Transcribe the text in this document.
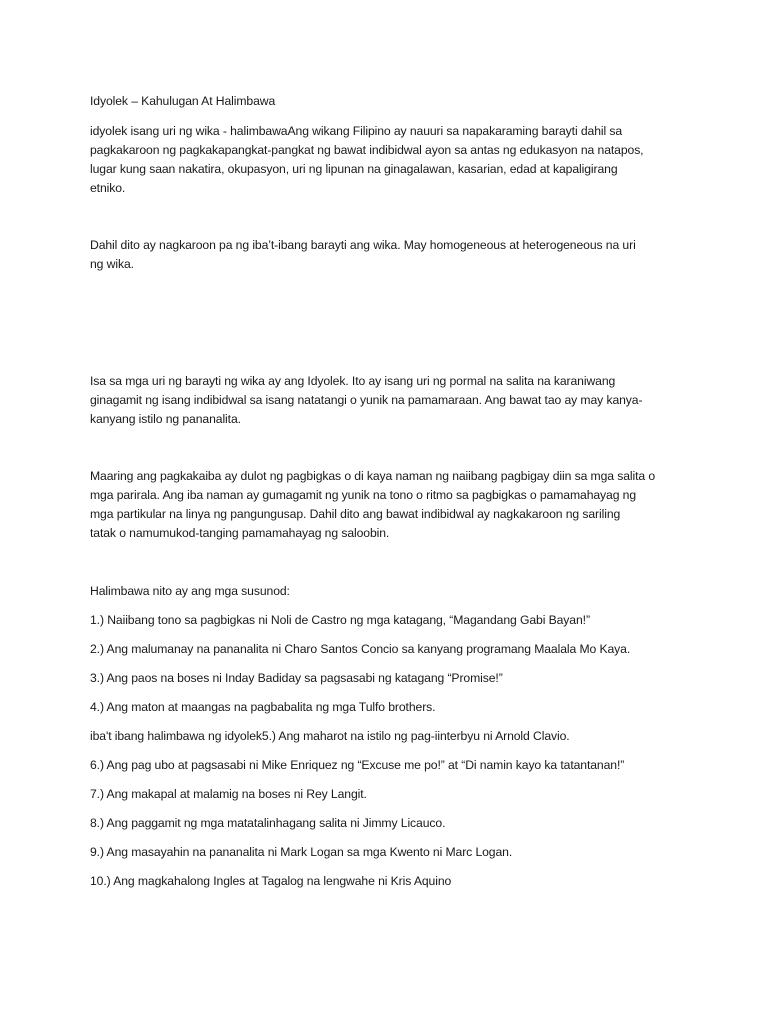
Idyolek – Kahulugan At Halimbawa
idyolek isang uri ng wika - halimbawaAng wikang Filipino ay nauuri sa napakaraming barayti dahil sa
pagkakaroon ng pagkakapangkat-pangkat ng bawat indibidwal ayon sa antas ng edukasyon na natapos,
lugar kung saan nakatira, okupasyon, uri ng lipunan na ginagalawan, kasarian, edad at kapaligirang
etniko.
Dahil dito ay nagkaroon pa ng iba’t-ibang barayti ang wika. May homogeneous at heterogeneous na uri
ng wika.
Isa sa mga uri ng barayti ng wika ay ang Idyolek. Ito ay isang uri ng pormal na salita na karaniwang
ginagamit ng isang indibidwal sa isang natatangi o yunik na pamamaraan. Ang bawat tao ay may kanya-
kanyang istilo ng pananalita.
Maaring ang pagkakaiba ay dulot ng pagbigkas o di kaya naman ng naiibang pagbigay diin sa mga salita o
mga parirala. Ang iba naman ay gumagamit ng yunik na tono o ritmo sa pagbigkas o pamamahayag ng
mga partikular na linya ng pangungusap. Dahil dito ang bawat indibidwal ay nagkakaroon ng sariling
tatak o namumukod-tanging pamamahayag ng saloobin.
Halimbawa nito ay ang mga susunod:
1.) Naiibang tono sa pagbigkas ni Noli de Castro ng mga katagang, “Magandang Gabi Bayan!”
2.) Ang malumanay na pananalita ni Charo Santos Concio sa kanyang programang Maalala Mo Kaya.
3.) Ang paos na boses ni Inday Badiday sa pagsasabi ng katagang “Promise!”
4.) Ang maton at maangas na pagbabalita ng mga Tulfo brothers.
iba't ibang halimbawa ng idyolek5.) Ang maharot na istilo ng pag-iinterbyu ni Arnold Clavio.
6.) Ang pag ubo at pagsasabi ni Mike Enriquez ng “Excuse me po!” at “Di namin kayo ka tatantanan!”
7.) Ang makapal at malamig na boses ni Rey Langit.
8.) Ang paggamit ng mga matatalinhagang salita ni Jimmy Licauco.
9.) Ang masayahin na pananalita ni Mark Logan sa mga Kwento ni Marc Logan.
10.) Ang magkahalong Ingles at Tagalog na lengwahe ni Kris Aquino
